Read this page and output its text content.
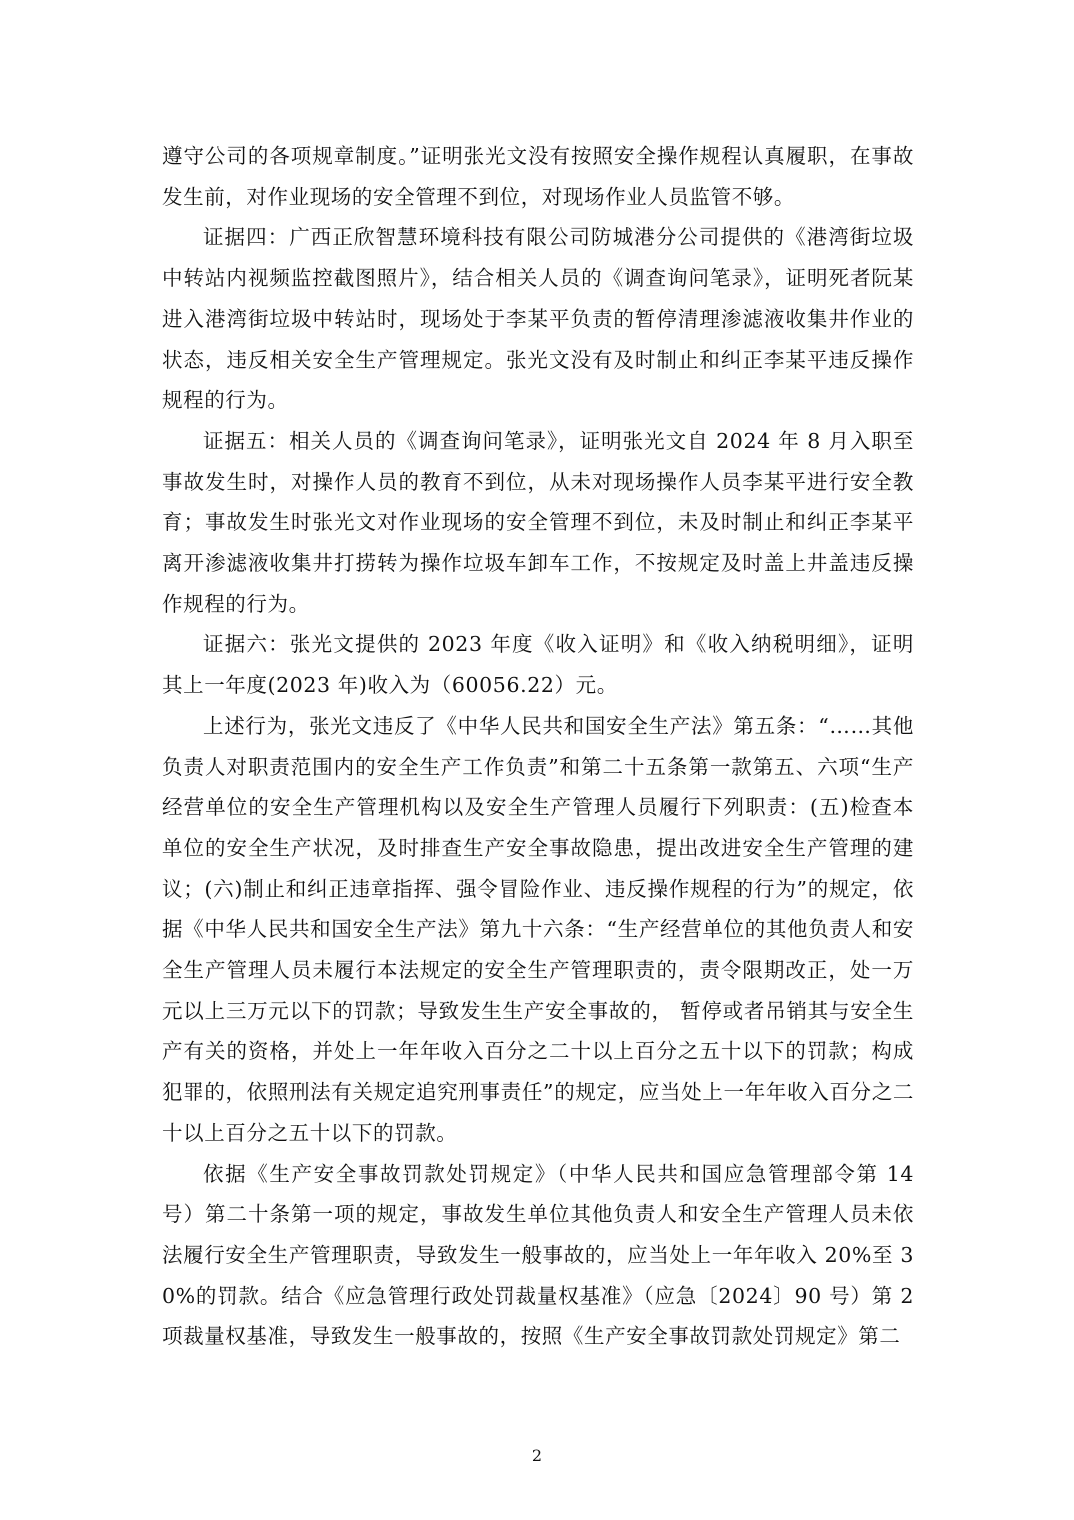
遵守公司的各项规章制度。”证明张光文没有按照安全操作规程认真履职，在事故发生前，对作业现场的安全管理不到位，对现场作业人员监管不够。

证据四：广西正欣智慧环境科技有限公司防城港分公司提供的《港湾街垃圾中转站内视频监控截图照片》，结合相关人员的《调查询问笔录》，证明死者阮某进入港湾街垃圾中转站时，现场处于李某平负责的暂停清理渗滤液收集井作业的状态，违反相关安全生产管理规定。张光文没有及时制止和纠正李某平违反操作规程的行为。

证据五：相关人员的《调查询问笔录》，证明张光文自 2024 年 8 月入职至事故发生时，对操作人员的教育不到位，从未对现场操作人员李某平进行安全教育；事故发生时张光文对作业现场的安全管理不到位，未及时制止和纠正李某平离开渗滤液收集井打捞转为操作垃圾车卸车工作，不按规定及时盖上井盖违反操作规程的行为。

证据六：张光文提供的 2023 年度《收入证明》和《收入纳税明细》，证明其上一年度(2023 年)收入为（60056.22）元。

上述行为，张光文违反了《中华人民共和国安全生产法》第五条：“……其他负责人对职责范围内的安全生产工作负责”和第二十五条第一款第五、六项“生产经营单位的安全生产管理机构以及安全生产管理人员履行下列职责：(五)检查本单位的安全生产状况，及时排查生产安全事故隐患，提出改进安全生产管理的建议；(六)制止和纠正违章指挥、强令冒险作业、违反操作规程的行为”的规定，依据《中华人民共和国安全生产法》第九十六条：“生产经营单位的其他负责人和安全生产管理人员未履行本法规定的安全生产管理职责的，责令限期改正，处一万元以上三万元以下的罚款；导致发生生产安全事故的， 暂停或者吊销其与安全生产有关的资格，并处上一年年收入百分之二十以上百分之五十以下的罚款；构成犯罪的，依照刑法有关规定追究刑事责任”的规定，应当处上一年年收入百分之二十以上百分之五十以下的罚款。

依据《生产安全事故罚款处罚规定》（中华人民共和国应急管理部令第 14 号）第二十条第一项的规定，事故发生单位其他负责人和安全生产管理人员未依法履行安全生产管理职责，导致发生一般事故的，应当处上一年年收入 20%至 30%的罚款。结合《应急管理行政处罚裁量权基准》（应急〔2024〕90 号）第 2 项裁量权基准，导致发生一般事故的，按照《生产安全事故罚款处罚规定》第二

2
